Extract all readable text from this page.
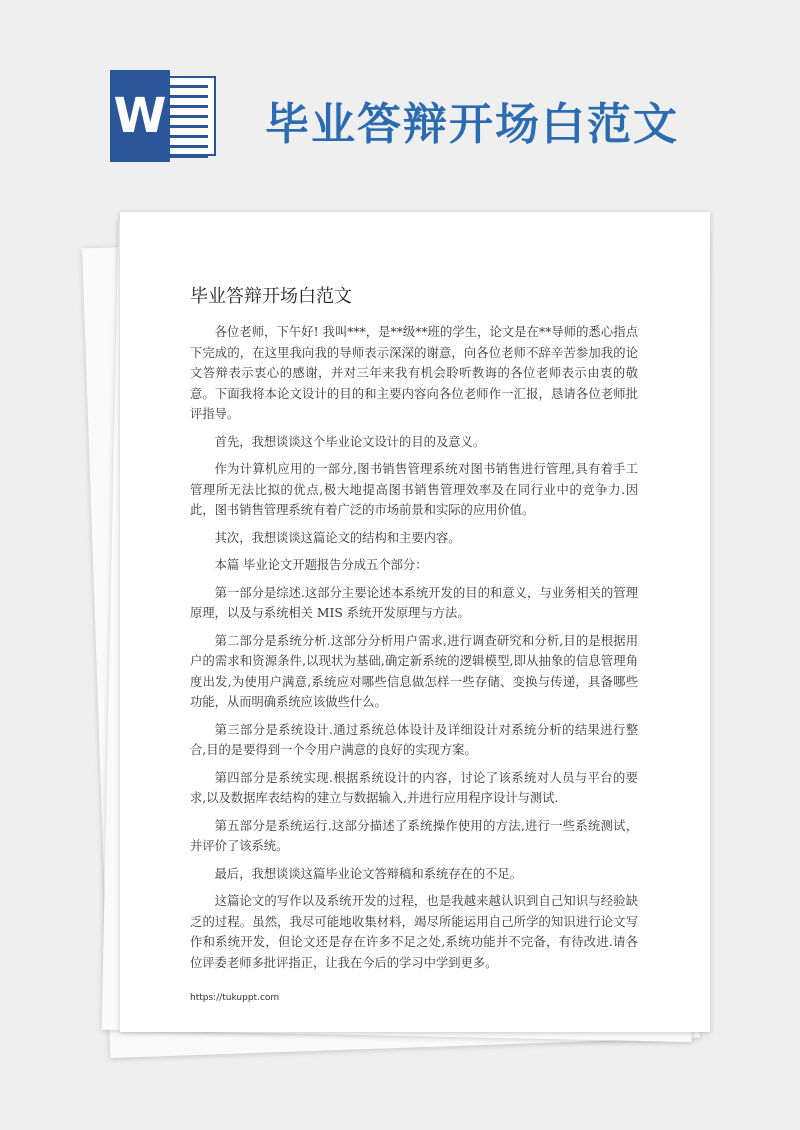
W 毕业答辩开场白范文
毕业答辩开场白范文

各位老师，下午好! 我叫***，是**级**班的学生，论文是在**导师的悉心指点下完成的，在这里我向我的导师表示深深的谢意，向各位老师不辞辛苦参加我的论文答辩表示衷心的感谢，并对三年来我有机会聆听教诲的各位老师表示由衷的敬意。下面我将本论文设计的目的和主要内容向各位老师作一汇报，恳请各位老师批评指导。

首先，我想谈谈这个毕业论文设计的目的及意义。

作为计算机应用的一部分,图书销售管理系统对图书销售进行管理,具有着手工管理所无法比拟的优点,极大地提高图书销售管理效率及在同行业中的竞争力.因此，图书销售管理系统有着广泛的市场前景和实际的应用价值。

其次，我想谈谈这篇论文的结构和主要内容。

本篇 毕业论文开题报告分成五个部分：

第一部分是综述.这部分主要论述本系统开发的目的和意义，与业务相关的管理原理，以及与系统相关 MIS 系统开发原理与方法。

第二部分是系统分析.这部分分析用户需求,进行调查研究和分析,目的是根据用户的需求和资源条件,以现状为基础,确定新系统的逻辑模型,即从抽象的信息管理角度出发,为使用户满意,系统应对哪些信息做怎样一些存储、变换与传递，具备哪些功能，从而明确系统应该做些什么。

第三部分是系统设计.通过系统总体设计及详细设计对系统分析的结果进行整合,目的是要得到一个令用户满意的良好的实现方案。

第四部分是系统实现.根据系统设计的内容，讨论了该系统对人员与平台的要求,以及数据库表结构的建立与数据输入,并进行应用程序设计与测试.

第五部分是系统运行.这部分描述了系统操作使用的方法,进行一些系统测试，并评价了该系统。

最后，我想谈谈这篇毕业论文答辩稿和系统存在的不足。

这篇论文的写作以及系统开发的过程，也是我越来越认识到自己知识与经验缺乏的过程。虽然，我尽可能地收集材料，竭尽所能运用自己所学的知识进行论文写作和系统开发，但论文还是存在许多不足之处,系统功能并不完备，有待改进.请各位评委老师多批评指正，让我在今后的学习中学到更多。

https://tukuppt.com
